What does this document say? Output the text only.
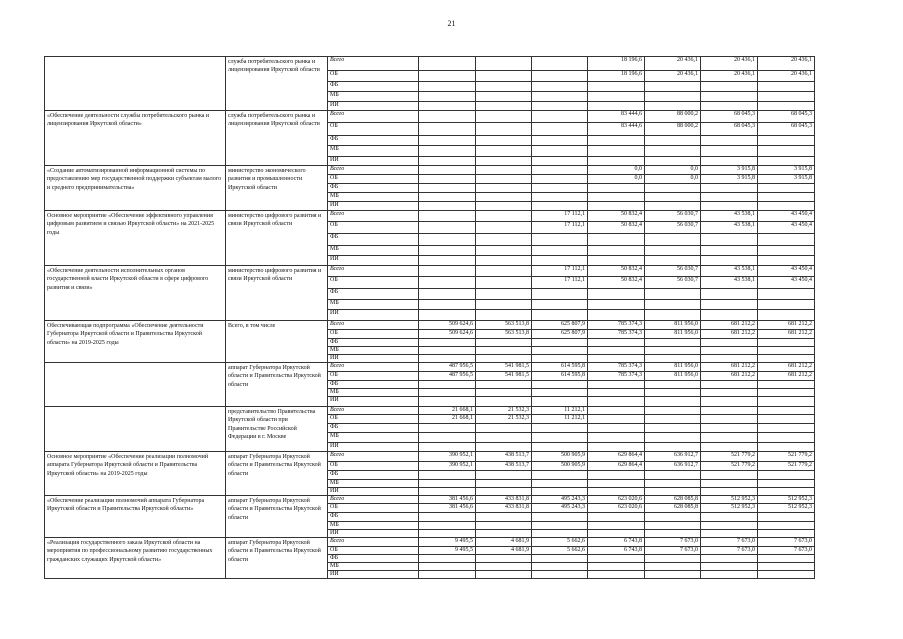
21
	служба потребительского рынка и лицензирования Иркутской области	Всего				18 196,6	20 436,1	20 436,1	20 436,1
		ОБ				18 196,6	20 436,1	20 436,1	20 436,1
		ФБ							
		МБ							
		ИИ							
«Обеспечение деятельности службы потребительского рынка и лицензирования Иркутской области»	служба потребительского рынка и лицензирования Иркутской области	Всего				83 444,6	88 000,2	68 045,3	68 045,3
		ОБ				83 444,6	88 000,2	68 045,3	68 045,3
		ФБ							
		МБ							
		ИИ							
«Создание автоматизированной информационной системы по предоставлению мер государственной поддержки субъектам малого и среднего предпринимательства»	министерство экономического развития и промышленности Иркутской области	Всего				0,0	0,0	3 915,8	3 915,8
		ОБ				0,0	0,0	3 915,8	3 915,8
		ФБ							
		МБ							
		ИИ							
Основное мероприятие «Обеспечение эффективного управления цифровым развитием и связью Иркутской области» на 2021-2025 годы	министерство цифрового развития и связи Иркутской области	Всего			17 112,1	50 832,4	56 030,7	43 538,1	43 450,4
		ОБ			17 112,1	50 832,4	56 030,7	43 538,1	43 450,4
		ФБ							
		МБ							
		ИИ							
«Обеспечение деятельности исполнительных органов государственной власти Иркутской области в сфере цифрового развития и связи»	министерство цифрового развития и связи Иркутской области	Всего			17 112,1	50 832,4	56 030,7	43 538,1	43 450,4
		ОБ			17 112,1	50 832,4	56 030,7	43 538,1	43 450,4
		ФБ							
		МБ							
		ИИ							
Обеспечивающая подпрограмма «Обеспечение деятельности Губернатора Иркутской области и Правительства Иркутской области» на 2019-2025 годы	Всего, в том числе	Всего	509 624,6	563 513,8	625 807,9	785 374,3	811 956,0	681 212,2	681 212,2
		ОБ	509 624,6	563 513,8	625 807,9	785 374,3	811 956,0	681 212,2	681 212,2
		ФБ							
		МБ							
		ИИ							
	аппарат Губернатора Иркутской области и Правительства Иркутской области	Всего	487 956,5	541 981,5	614 595,8	785 374,3	811 956,0	681 212,2	681 212,2
		ОБ	487 956,5	541 981,5	614 595,8	785 374,3	811 956,0	681 212,2	681 212,2
		ФБ							
		МБ							
		ИИ							
	представительство Правительства Иркутской области при Правительстве Российской Федерации в г. Москве	Всего	21 668,1	21 532,3	11 212,1				
		ОБ	21 668,1	21 532,3	11 212,1				
		ФБ							
		МБ							
		ИИ							
Основное мероприятие «Обеспечение реализации полномочий аппарата Губернатора Иркутской области и Правительства Иркутской области» на 2019-2025 годы	аппарат Губернатора Иркутской области и Правительства Иркутской области	Всего	390 952,1	438 513,7	500 905,9	629 864,4	636 912,7	521 779,2	521 779,2
		ОБ	390 952,1	438 513,7	500 905,9	629 864,4	636 912,7	521 779,2	521 779,2
		ФБ							
		МБ							
		ИИ							
«Обеспечение реализации полномочий аппарата Губернатора Иркутской области и Правительства Иркутской области»	аппарат Губернатора Иркутской области и Правительства Иркутской области	Всего	381 456,6	433 831,8	495 243,3	623 020,6	628 085,8	512 952,3	512 952,3
		ОБ	381 456,6	433 831,8	495 243,3	623 020,6	628 085,8	512 952,3	512 952,3
		ФБ							
		МБ							
		ИИ							
«Реализация государственного заказа Иркутской области на мероприятия по профессиональному развитию государственных гражданских служащих Иркутской области»	аппарат Губернатора Иркутской области и Правительства Иркутской области	Всего	9 495,5	4 681,9	5 662,6	6 743,8	7 673,0	7 673,0	7 673,0
		ОБ	9 495,5	4 681,9	5 662,6	6 743,8	7 673,0	7 673,0	7 673,0
		ФБ							
		МБ							
		ИИ							
